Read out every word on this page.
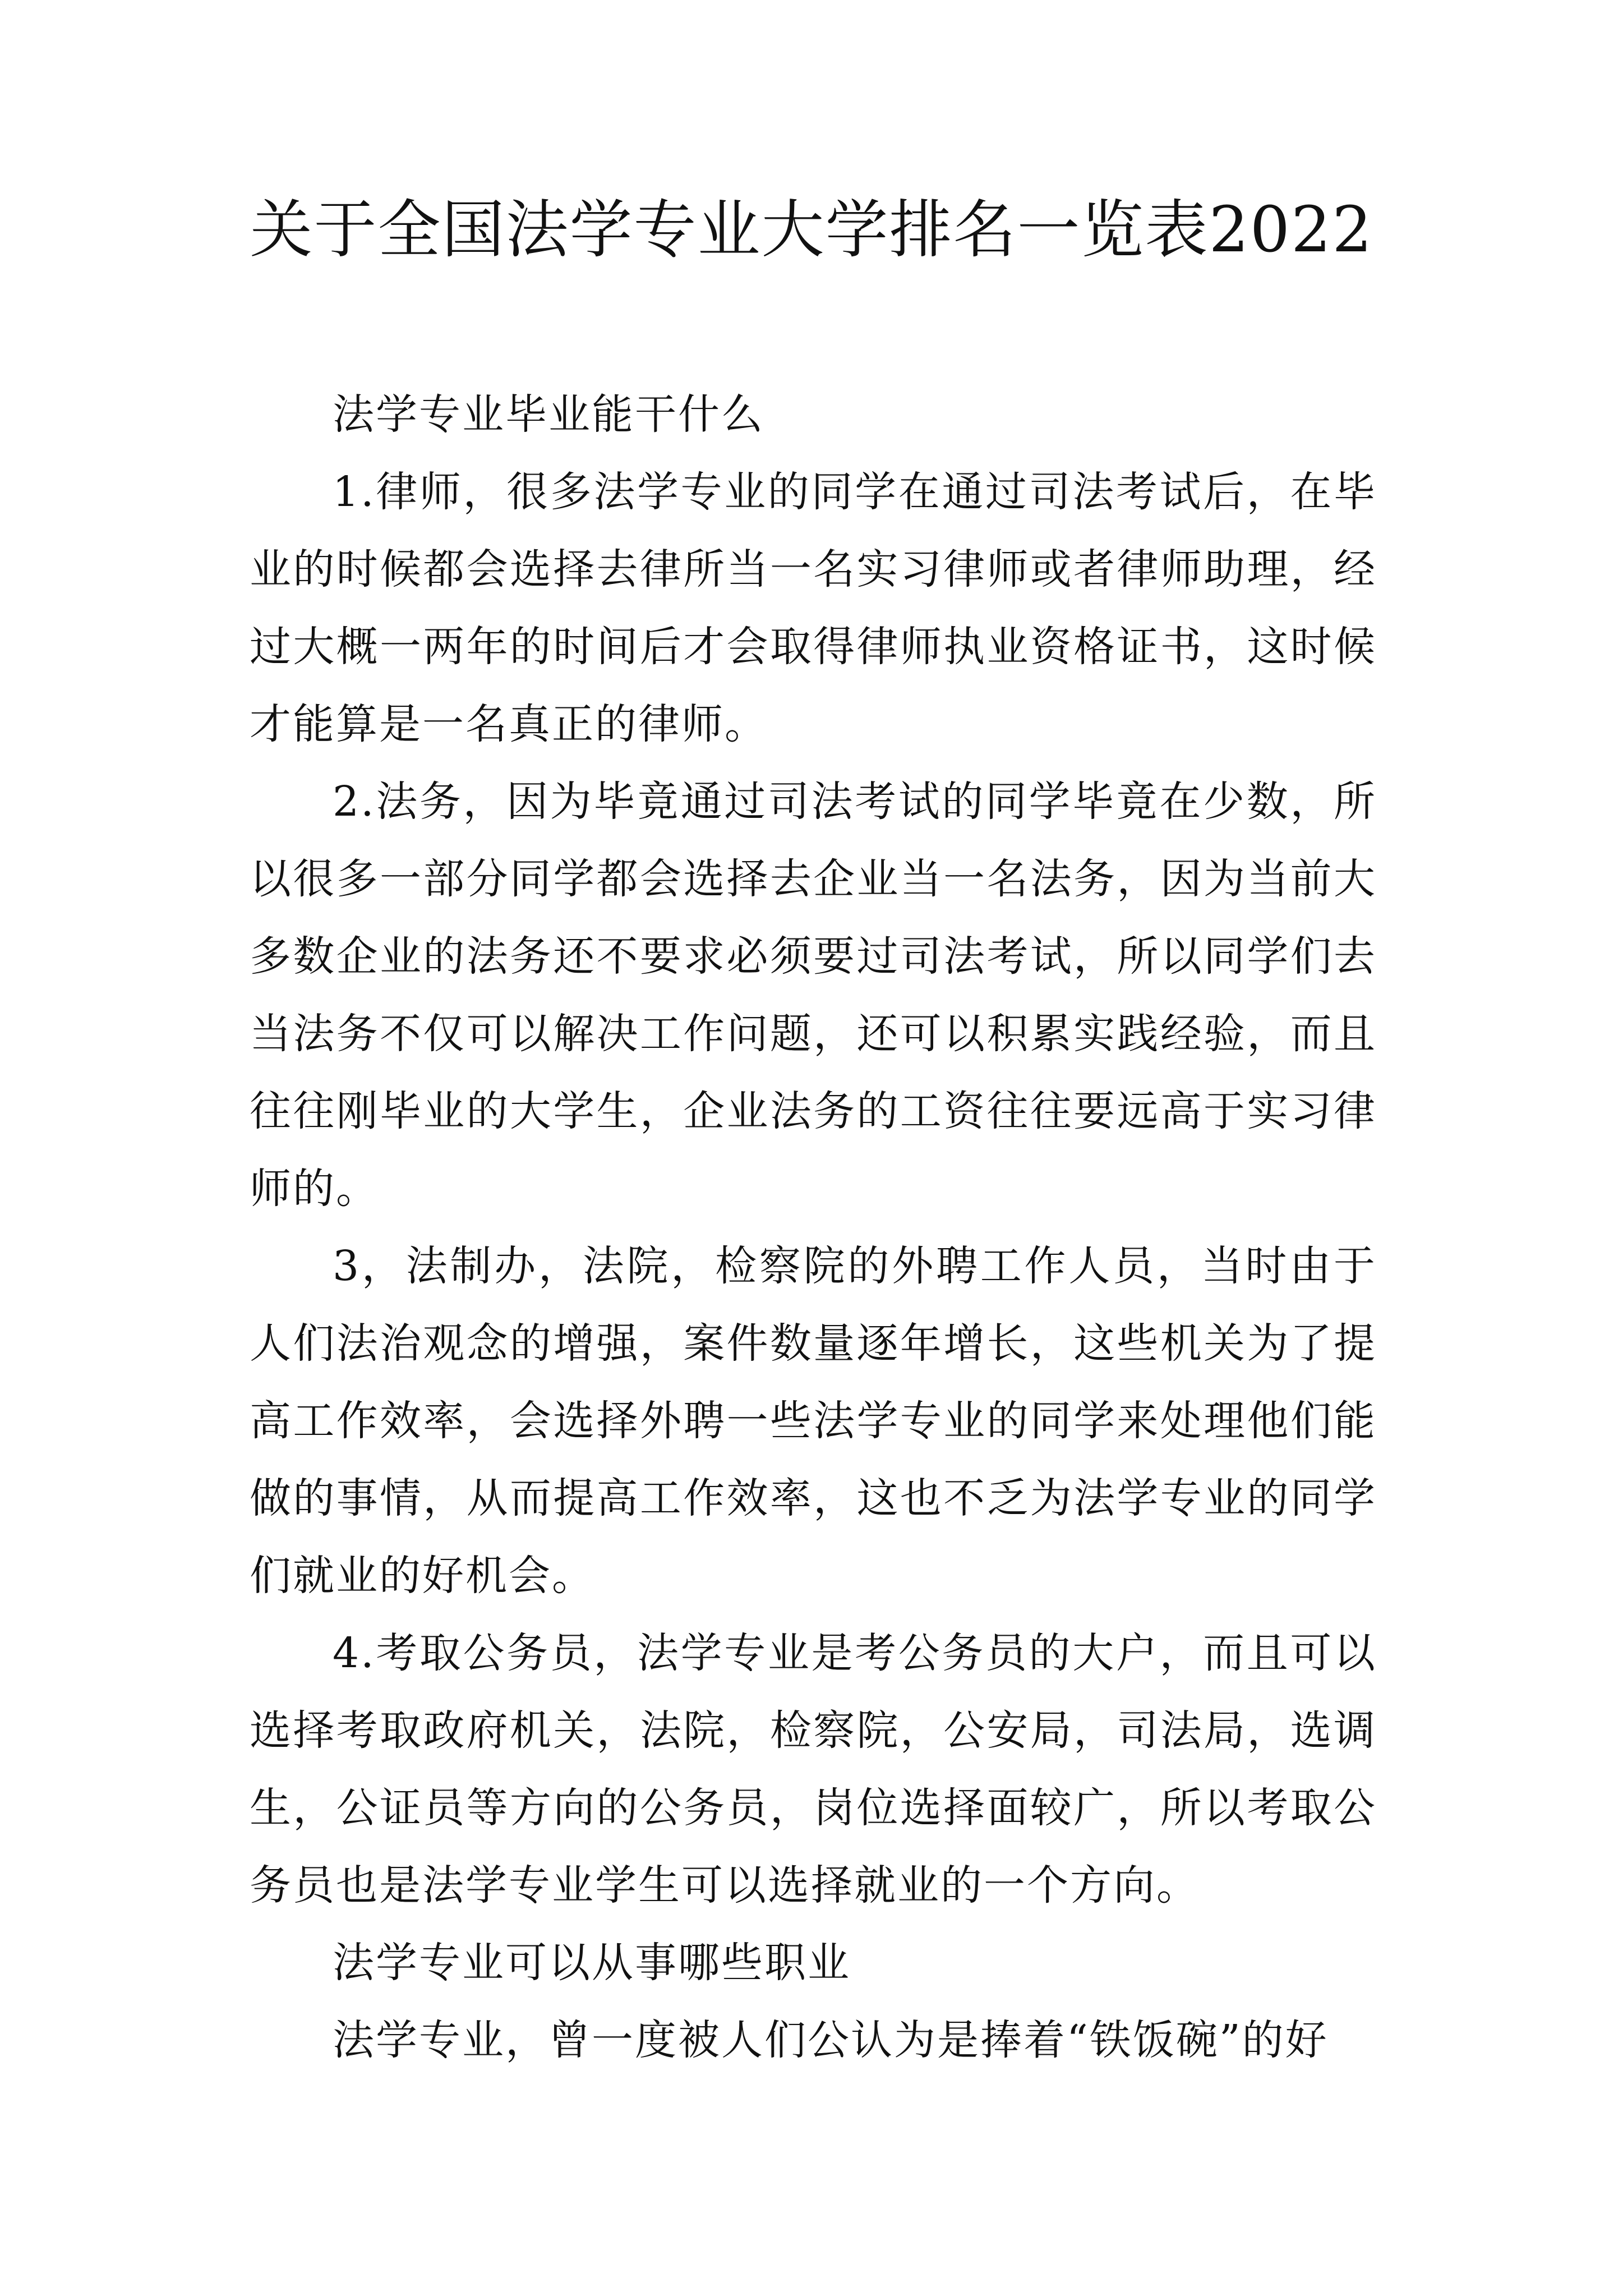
关于全国法学专业大学排名一览表2022

法学专业毕业能干什么

1.律师，很多法学专业的同学在通过司法考试后，在毕业的时候都会选择去律所当一名实习律师或者律师助理，经过大概一两年的时间后才会取得律师执业资格证书，这时候才能算是一名真正的律师。

2.法务，因为毕竟通过司法考试的同学毕竟在少数，所以很多一部分同学都会选择去企业当一名法务，因为当前大多数企业的法务还不要求必须要过司法考试，所以同学们去当法务不仅可以解决工作问题，还可以积累实践经验，而且往往刚毕业的大学生，企业法务的工资往往要远高于实习律师的。

3，法制办，法院，检察院的外聘工作人员，当时由于人们法治观念的增强，案件数量逐年增长，这些机关为了提高工作效率，会选择外聘一些法学专业的同学来处理他们能做的事情，从而提高工作效率，这也不乏为法学专业的同学们就业的好机会。

4.考取公务员，法学专业是考公务员的大户，而且可以选择考取政府机关，法院，检察院，公安局，司法局，选调生，公证员等方向的公务员，岗位选择面较广，所以考取公务员也是法学专业学生可以选择就业的一个方向。

法学专业可以从事哪些职业

法学专业，曾一度被人们公认为是捧着“铁饭碗”的好
